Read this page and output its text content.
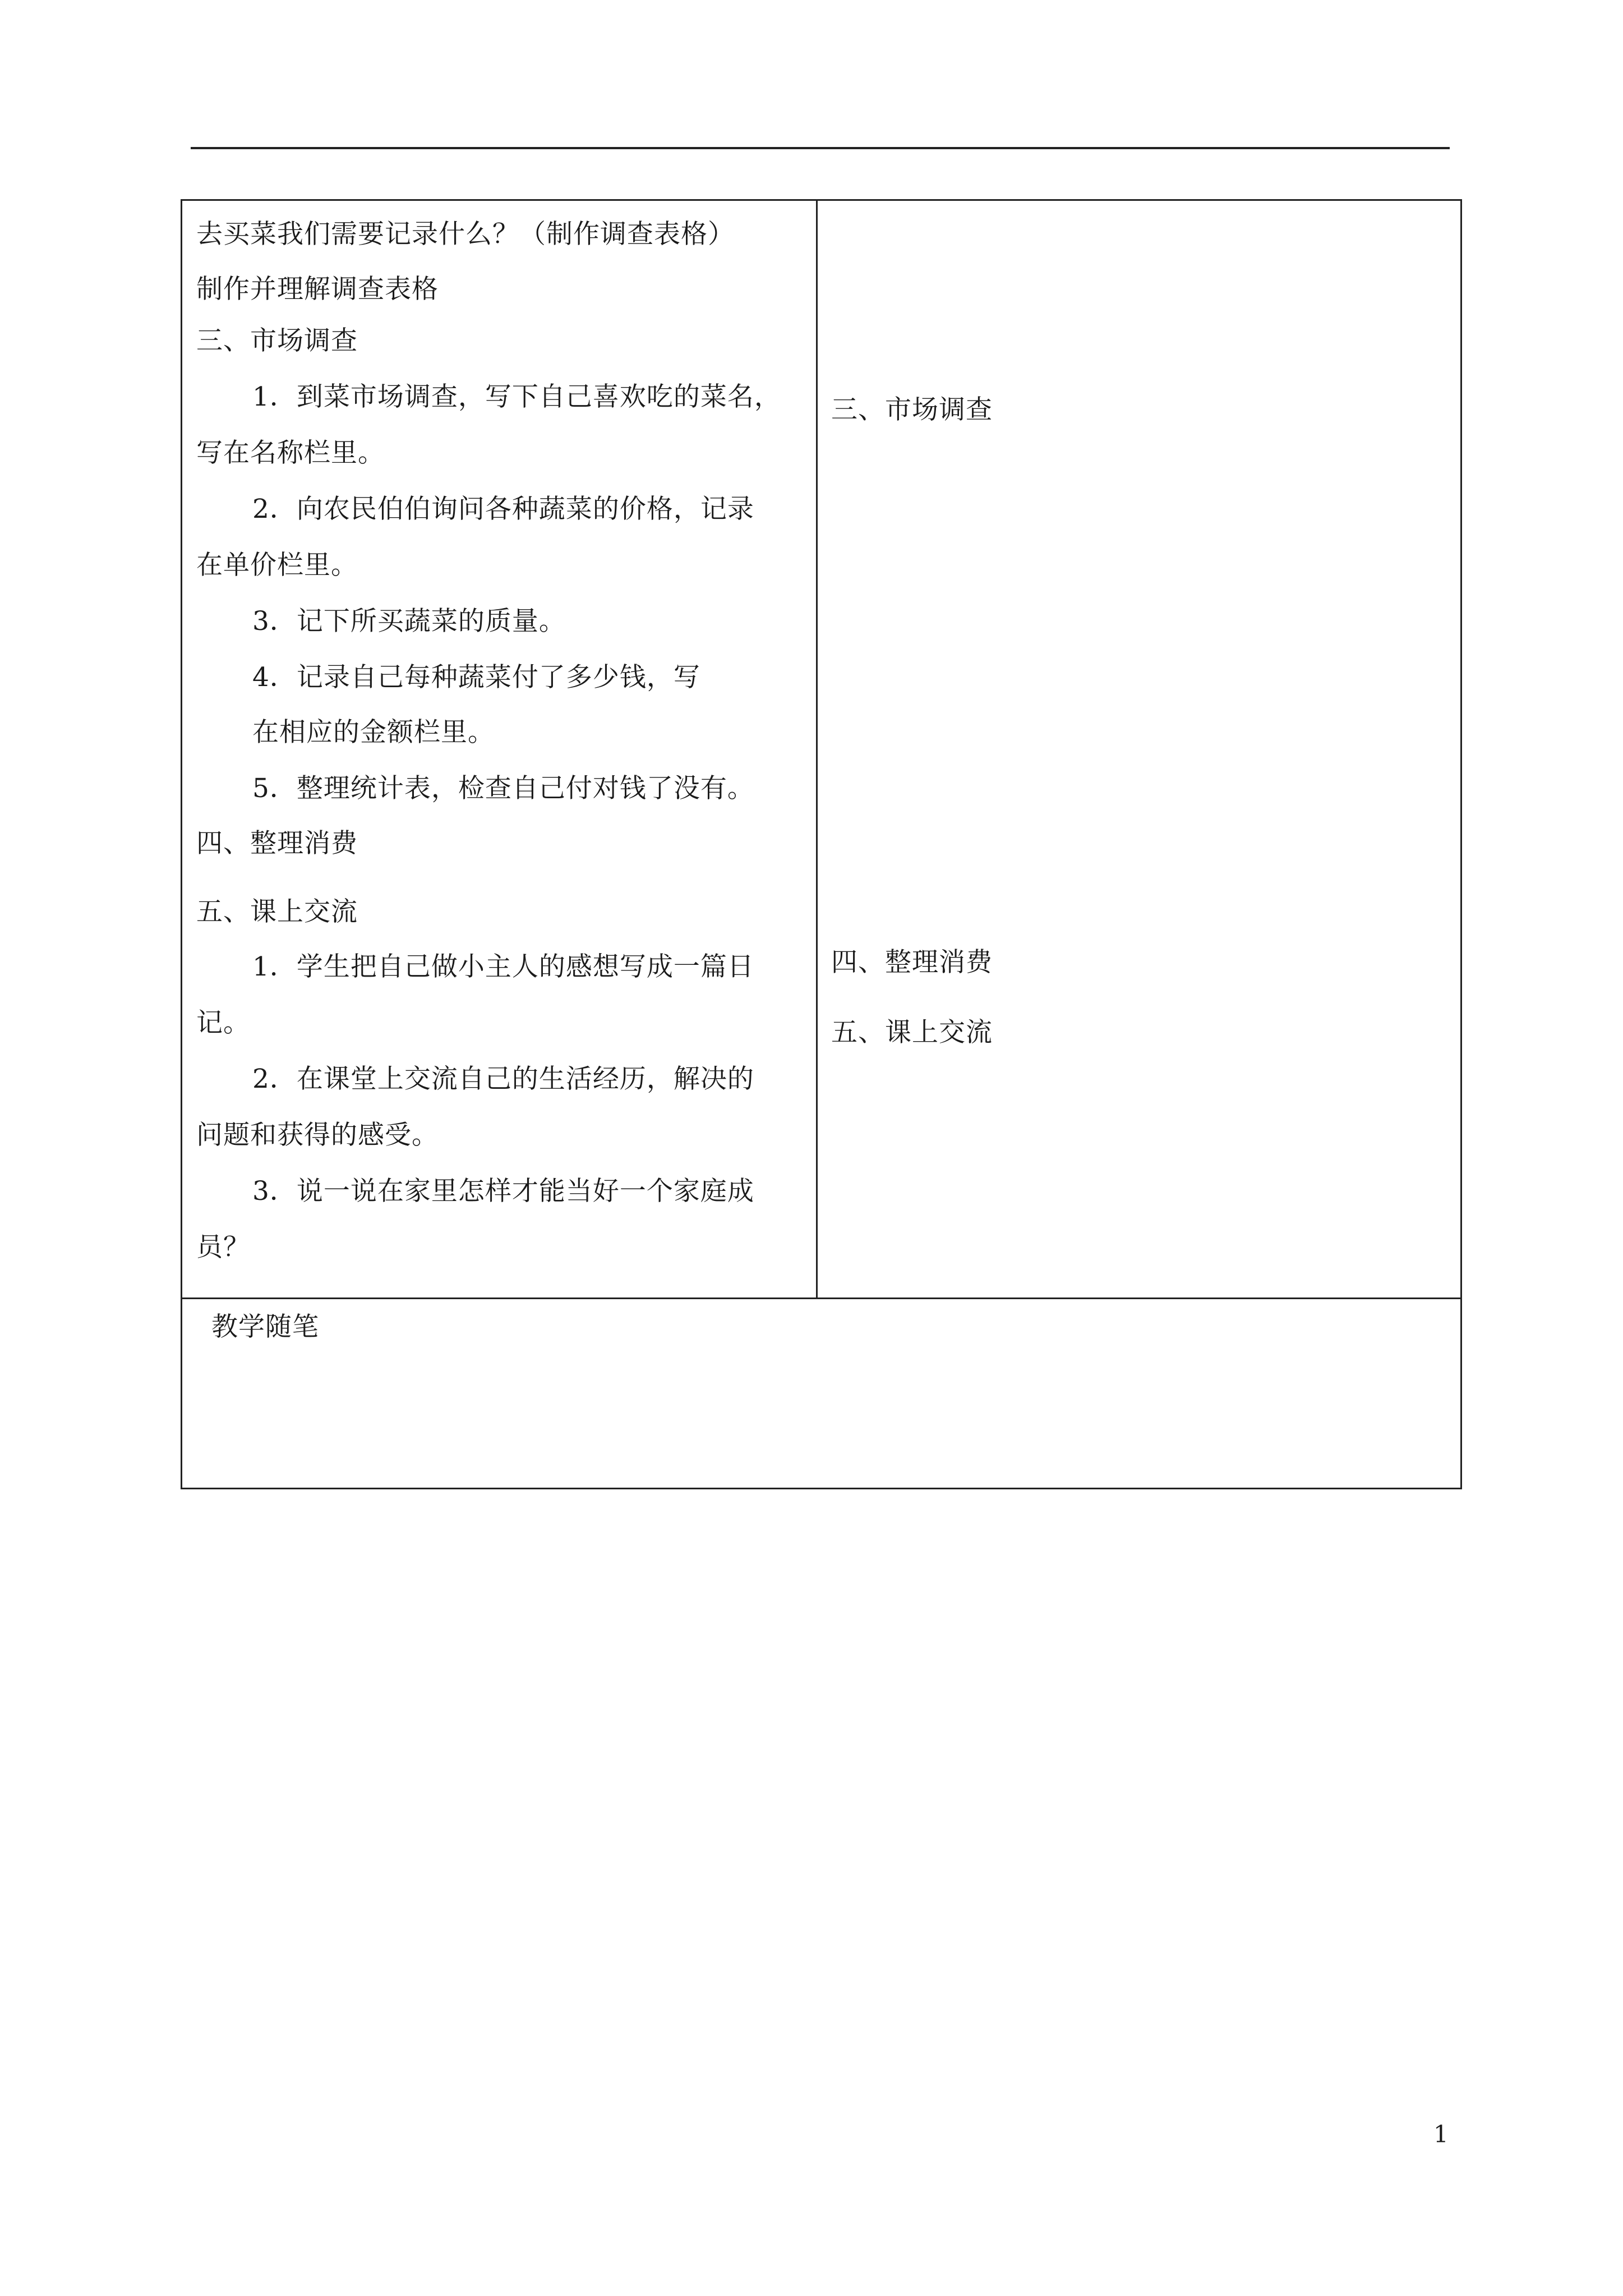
去买菜我们需要记录什么？（制作调查表格）
制作并理解调查表格
三、市场调查
1．到菜市场调查，写下自己喜欢吃的菜名，
写在名称栏里。
2．向农民伯伯询问各种蔬菜的价格，记录
在单价栏里。
3．记下所买蔬菜的质量。
4．记录自己每种蔬菜付了多少钱，写
在相应的金额栏里。
5．整理统计表，检查自己付对钱了没有。
四、整理消费
五、课上交流
1．学生把自己做小主人的感想写成一篇日
记。
2．在课堂上交流自己的生活经历，解决的
问题和获得的感受。
3．说一说在家里怎样才能当好一个家庭成
员？
三、市场调查
四、整理消费
五、课上交流
教学随笔
1
